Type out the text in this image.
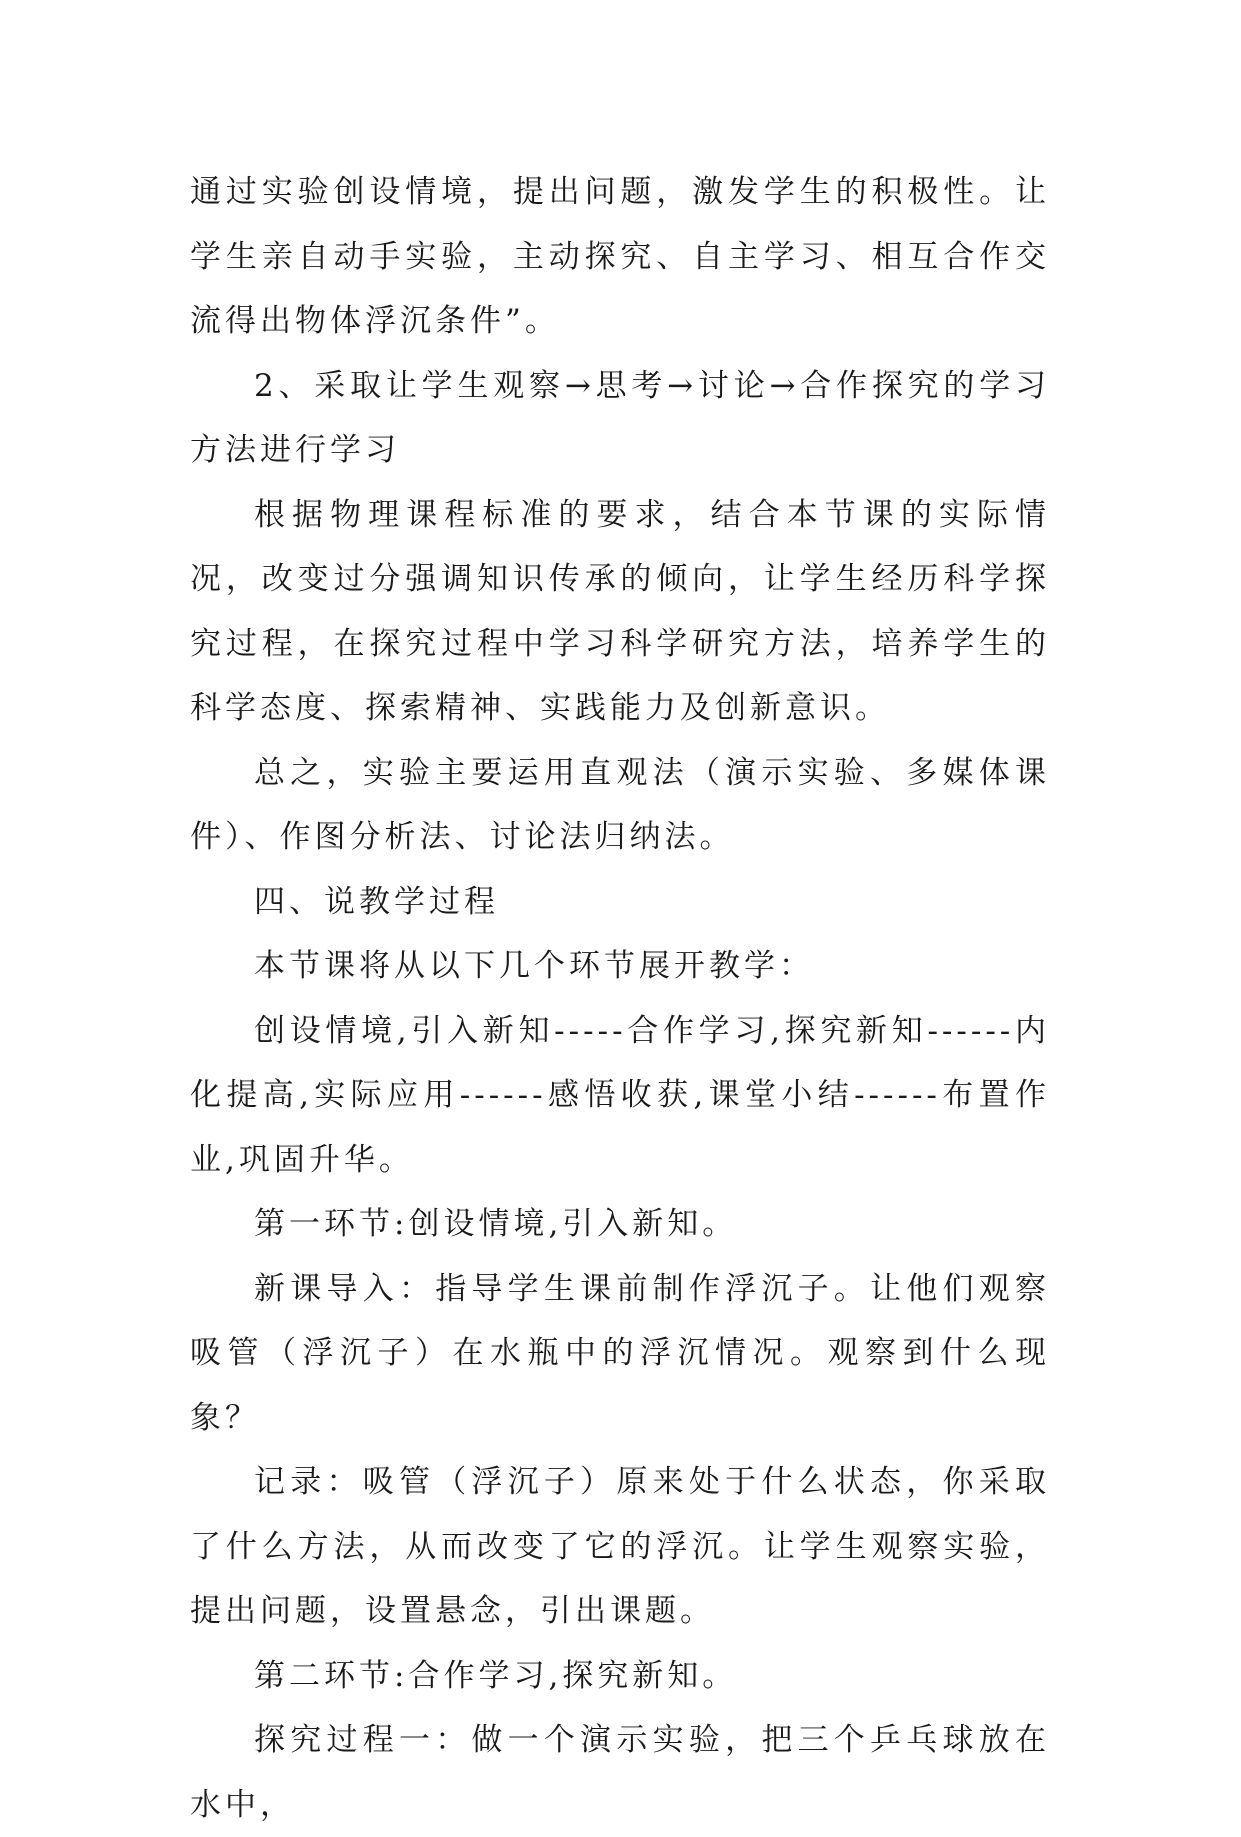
通过实验创设情境，提出问题，激发学生的积极性。让学生亲自动手实验，主动探究、自主学习、相互合作交流得出物体浮沉条件”。

2、采取让学生观察→思考→讨论→合作探究的学习方法进行学习

根据物理课程标准的要求，结合本节课的实际情况，改变过分强调知识传承的倾向，让学生经历科学探究过程，在探究过程中学习科学研究方法，培养学生的科学态度、探索精神、实践能力及创新意识。

总之，实验主要运用直观法（演示实验、多媒体课件）、作图分析法、讨论法归纳法。

四、说教学过程

本节课将从以下几个环节展开教学：

创设情境,引入新知-----合作学习,探究新知------内化提高,实际应用------感悟收获,课堂小结------布置作业,巩固升华。

第一环节:创设情境,引入新知。

新课导入：指导学生课前制作浮沉子。让他们观察吸管（浮沉子）在水瓶中的浮沉情况。观察到什么现象？

记录：吸管（浮沉子）原来处于什么状态，你采取了什么方法，从而改变了它的浮沉。让学生观察实验，提出问题，设置悬念，引出课题。

第二环节:合作学习,探究新知。

探究过程一：做一个演示实验，把三个乒乓球放在水中，
